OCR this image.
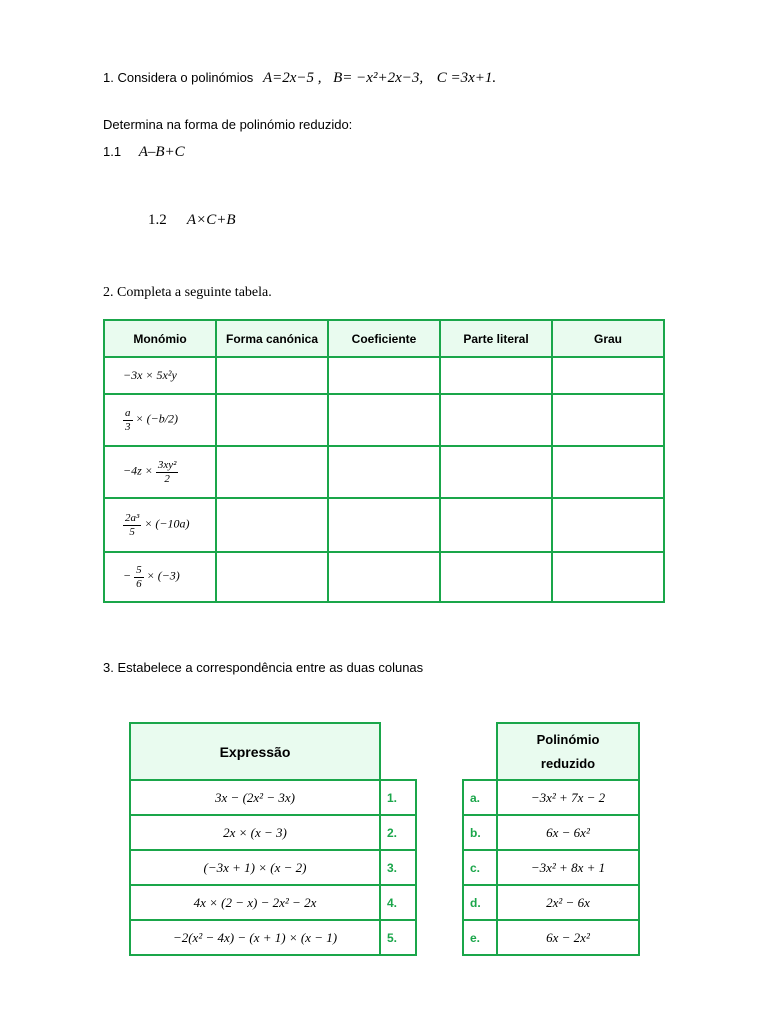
1. Considera o polinómios A=2x−5 , B= −x²+2x−3, C =3x+1.
Determina na forma de polinómio reduzido:
1.1 A–B+C
1.2 A×C+B
2. Completa a seguinte tabela.
Monómio	Forma canónica	Coeficiente	Parte literal	Grau
−3x × 5x²y				

$\frac{a}{3} \times (-b/2)$				
$-4z \times \frac{\text{3xy²}}{2}$

$\frac{\text{2a³}}{5} \times (-10a)$				
− $\frac{5}{6} \times (-3)$				
3. Estabelece a correspondência entre as duas colunas
Expressão	
3x − (2x² − 3x)	1.
2x × (x − 3)	2.
(−3x + 1) × (x − 2)	3.
4x × (2 − x) − 2x² − 2x	4.
−2(x² − 4x) − (x + 1) × (x − 1)	5.

	Polinómio
reduzido

a.	−3x² + 7x − 2
b.	6x − 6x²
c.	−3x² + 8x + 1
d.	2x² − 6x
e.	6x − 2x²
